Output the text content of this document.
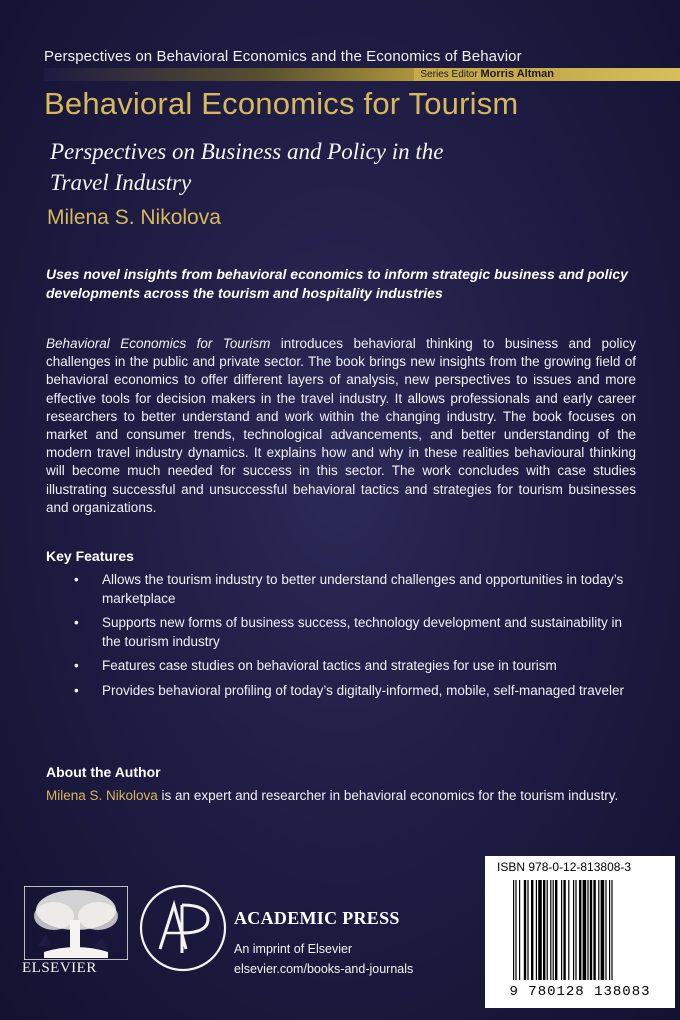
Perspectives on Behavioral Economics and the Economics of Behavior
Series Editor Morris Altman
Behavioral Economics for Tourism
Perspectives on Business and Policy in the
Travel Industry
Milena S. Nikolova
Uses novel insights from behavioral economics to inform strategic business and policy developments across the tourism and hospitality industries
Behavioral Economics for Tourism introduces behavioral thinking to business and policy challenges in the public and private sector. The book brings new insights from the growing field of behavioral economics to offer different layers of analysis, new perspectives to issues and more effective tools for decision makers in the travel industry. It allows professionals and early career researchers to better understand and work within the changing industry. The book focuses on market and consumer trends, technological advancements, and better understanding of the modern travel industry dynamics. It explains how and why in these realities behavioural thinking will become much needed for success in this sector. The work concludes with case studies illustrating successful and unsuccessful behavioral tactics and strategies for tourism businesses and organizations.
Key Features
• Allows the tourism industry to better understand challenges and opportunities in today’s marketplace
• Supports new forms of business success, technology development and sustainability in the tourism industry
• Features case studies on behavioral tactics and strategies for use in tourism
• Provides behavioral profiling of today’s digitally-informed, mobile, self-managed traveler
About the Author
Milena S. Nikolova is an expert and researcher in behavioral economics for the tourism industry.
ELSEVIER
ACADEMIC PRESS
An imprint of Elsevier
elsevier.com/books-and-journals
ISBN 978-0-12-813808-3
9 780128 138083
